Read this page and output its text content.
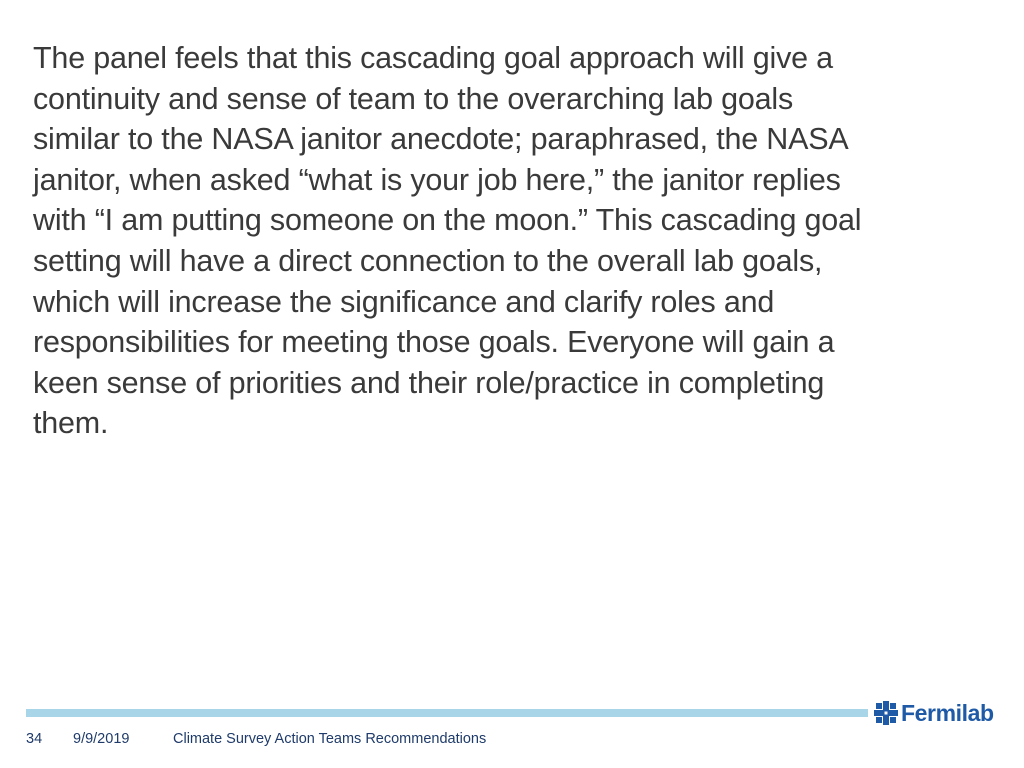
The panel feels that this cascading goal approach will give a
continuity and sense of team to the overarching lab goals
similar to the NASA janitor anecdote; paraphrased, the NASA
janitor, when asked “what is your job here,” the janitor replies
with “I am putting someone on the moon.” This cascading goal
setting will have a direct connection to the overall lab goals,
which will increase the significance and clarify roles and
responsibilities for meeting those goals. Everyone will gain a
keen sense of priorities and their role/practice in completing
them.
Fermilab
34 9/9/2019	Climate Survey Action Teams Recommendations
